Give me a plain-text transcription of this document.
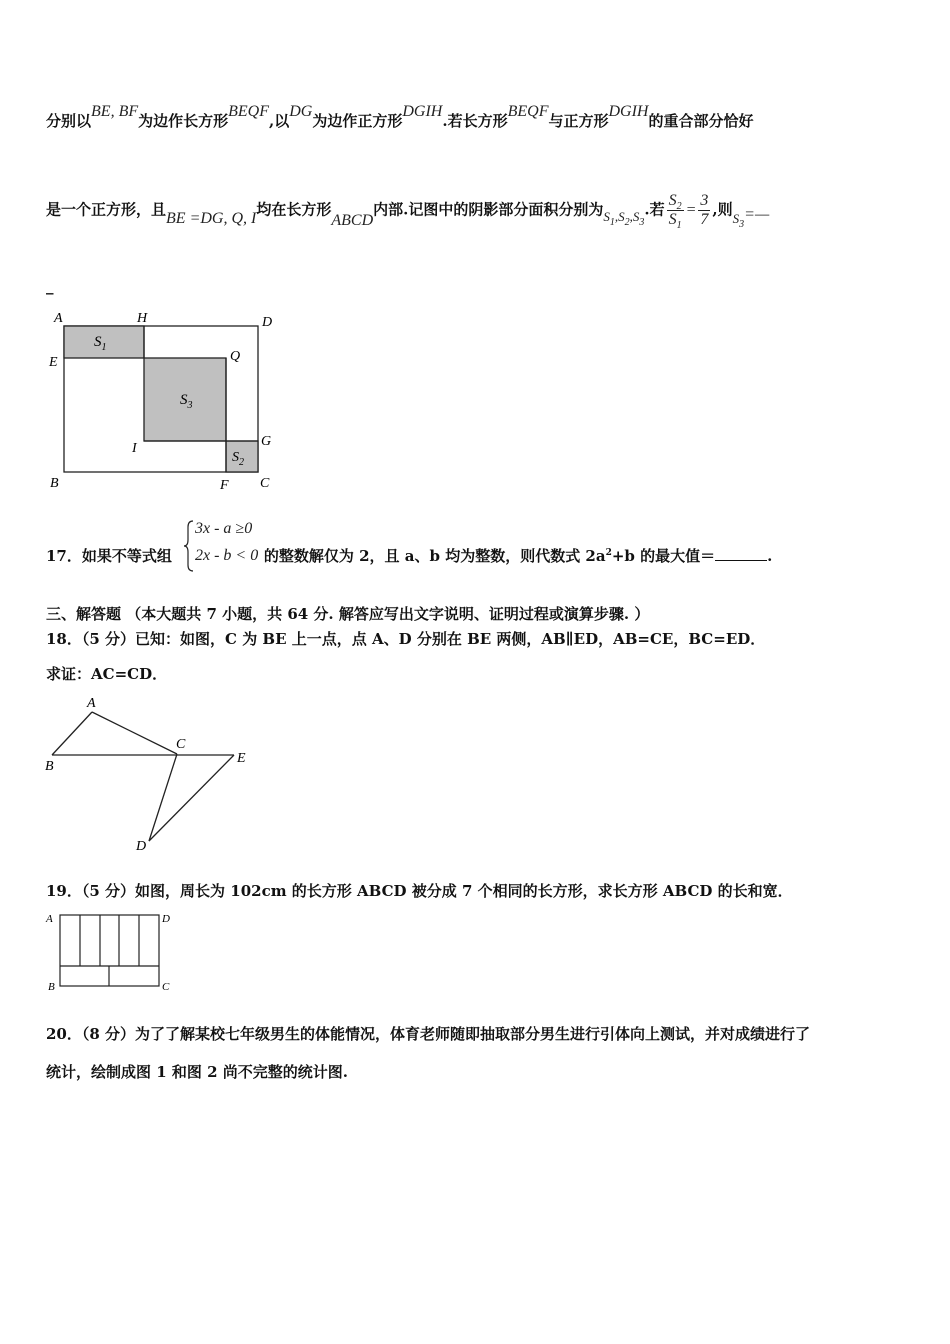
分别以BE, BF为边作长方形BEQF,以DG为边作正方形DGIH.若长方形BEQF与正方形DGIH的重合部分恰好
是一个正方形，且BE =DG, Q, I均在长方形ABCD内部.记图中的阴影部分面积分别为$S_1,S_2,S_3$.若 $\frac{S_2}{S_1} = \frac{3}{7}$ ,则$S_3=—$
_
A	H	D
E	Q
$S_1$
$S_3$
I	G
$S_2$
B	F C
17．如果不等式组	的整数解仅为 2，且 a、b 均为整数，则代数式 $2a^2+b$ 的最大值＝	.
3x - a ≥0
2x - b < 0
三、解答题 （本大题共 7 小题，共 64 分. 解答应写出文字说明、证明过程或演算步骤. ）
18．（5 分）已知：如图，C 为 BE 上一点，点 A、D 分别在 BE 两侧，AB∥ED，AB=CE，BC=ED．
求证：AC=CD．
A
B
C
E
D
19．（5 分）如图，周长为 102cm 的长方形 ABCD 被分成 7 个相同的长方形，求长方形 ABCD 的长和宽．
A	D
B	C
20．（8 分）为了了解某校七年级男生的体能情况，体育老师随即抽取部分男生进行引体向上测试，并对成绩进行了
统计，绘制成图 1 和图 2 尚不完整的统计图.
